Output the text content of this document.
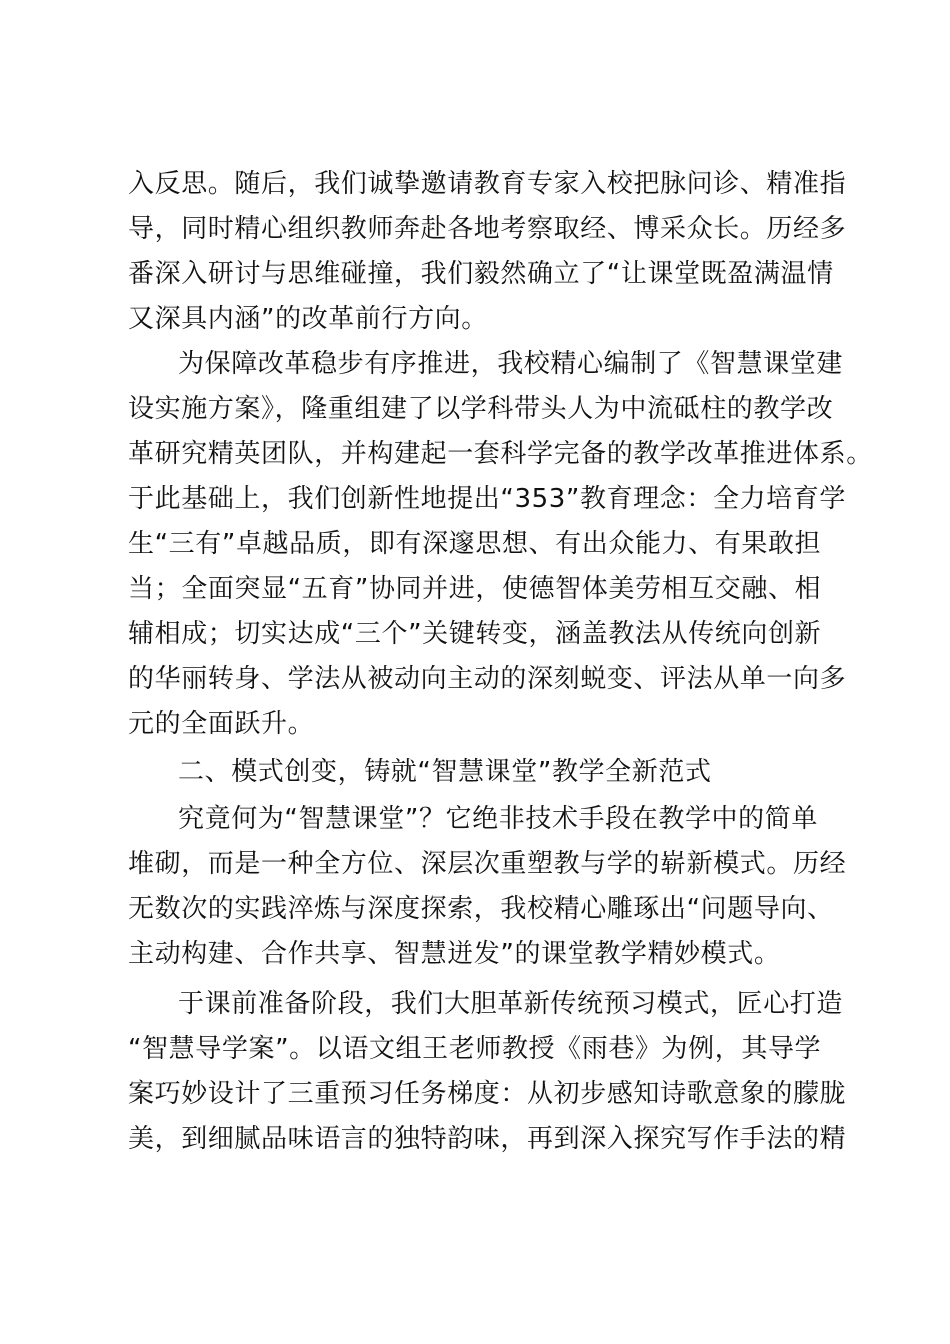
入反思。随后，我们诚挚邀请教育专家入校把脉问诊、精准指
导，同时精心组织教师奔赴各地考察取经、博采众长。历经多
番深入研讨与思维碰撞，我们毅然确立了“让课堂既盈满温情
又深具内涵”的改革前行方向。
为保障改革稳步有序推进，我校精心编制了《智慧课堂建
设实施方案》，隆重组建了以学科带头人为中流砥柱的教学改
革研究精英团队，并构建起一套科学完备的教学改革推进体系。
于此基础上，我们创新性地提出“353”教育理念：全力培育学
生“三有”卓越品质，即有深邃思想、有出众能力、有果敢担
当；全面突显“五育”协同并进，使德智体美劳相互交融、相
辅相成；切实达成“三个”关键转变，涵盖教法从传统向创新
的华丽转身、学法从被动向主动的深刻蜕变、评法从单一向多
元的全面跃升。
二、模式创变，铸就“智慧课堂”教学全新范式
究竟何为“智慧课堂”？它绝非技术手段在教学中的简单
堆砌，而是一种全方位、深层次重塑教与学的崭新模式。历经
无数次的实践淬炼与深度探索，我校精心雕琢出“问题导向、
主动构建、合作共享、智慧迸发”的课堂教学精妙模式。
于课前准备阶段，我们大胆革新传统预习模式，匠心打造
“智慧导学案”。以语文组王老师教授《雨巷》为例，其导学
案巧妙设计了三重预习任务梯度：从初步感知诗歌意象的朦胧
美，到细腻品味语言的独特韵味，再到深入探究写作手法的精
